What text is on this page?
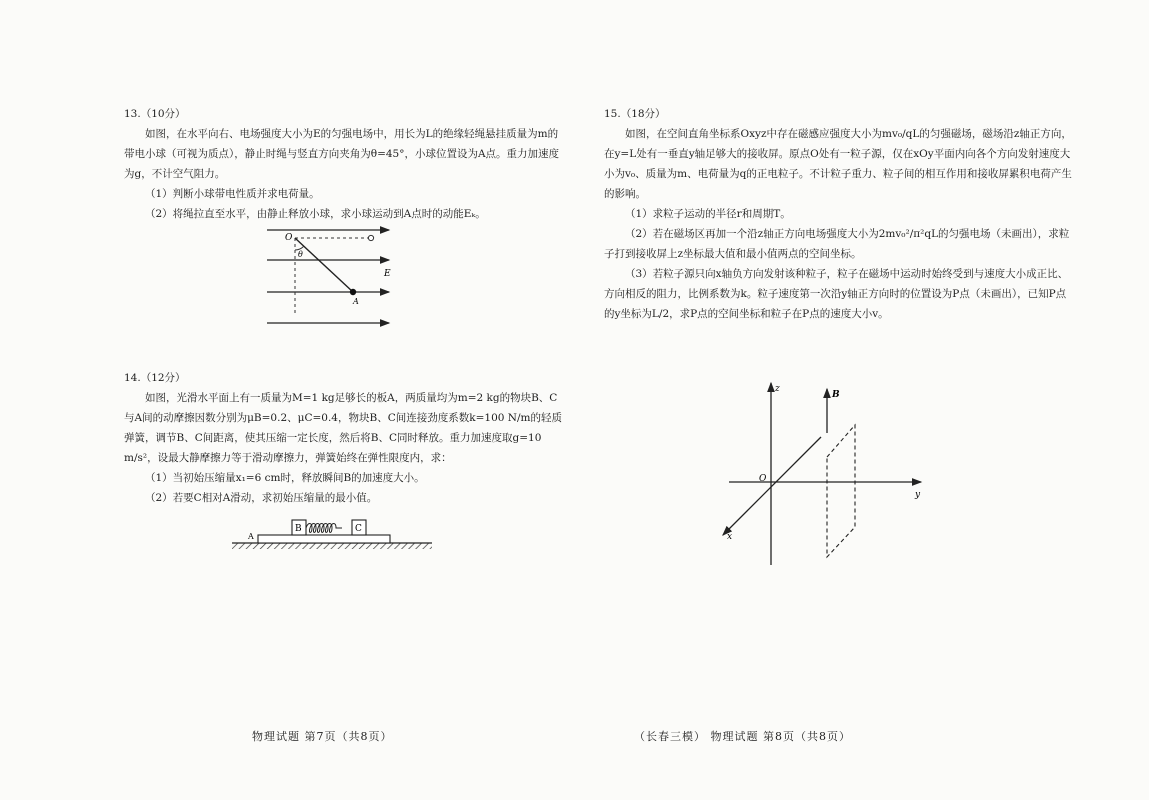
13.（10分）

如图，在水平向右、电场强度大小为E的匀强电场中，用长为L的绝缘轻绳悬挂质量为m的带电小球（可视为质点），静止时绳与竖直方向夹角为θ=45°，小球位置设为A点。重力加速度为g，不计空气阻力。

（1）判断小球带电性质并求电荷量。

（2）将绳拉直至水平，由静止释放小球，求小球运动到A点时的动能Eₖ。

O
θ
E
A
14.（12分）

如图，光滑水平面上有一质量为M=1 kg足够长的板A，两质量均为m=2 kg的物块B、C与A间的动摩擦因数分别为μB=0.2、μC=0.4，物块B、C间连接劲度系数k=100 N/m的轻质弹簧，调节B、C间距离，使其压缩一定长度，然后将B、C同时释放。重力加速度取g=10 m/s²，设最大静摩擦力等于滑动摩擦力，弹簧始终在弹性限度内，求：

（1）当初始压缩量x₁=6 cm时，释放瞬间B的加速度大小。

（2）若要C相对A滑动，求初始压缩量的最小值。

A
B	C
物理试题 第7页（共8页）
15.（18分）

如图，在空间直角坐标系Oxyz中存在磁感应强度大小为mv₀/qL的匀强磁场，磁场沿z轴正方向，在y=L处有一垂直y轴足够大的接收屏。原点O处有一粒子源，仅在xOy平面内向各个方向发射速度大小为v₀、质量为m、电荷量为q的正电粒子。不计粒子重力、粒子间的相互作用和接收屏累积电荷产生的影响。

（1）求粒子运动的半径r和周期T。

（2）若在磁场区再加一个沿z轴正方向电场强度大小为2mv₀²/π²qL的匀强电场（未画出），求粒子打到接收屏上z坐标最大值和最小值两点的空间坐标。

（3）若粒子源只向x轴负方向发射该种粒子，粒子在磁场中运动时始终受到与速度大小成正比、方向相反的阻力，比例系数为k。粒子速度第一次沿y轴正方向时的位置设为P点（未画出），已知P点的y坐标为L/2，求P点的空间坐标和粒子在P点的速度大小v。

z
B
O
y
x
（长春三模） 物理试题 第8页（共8页）
